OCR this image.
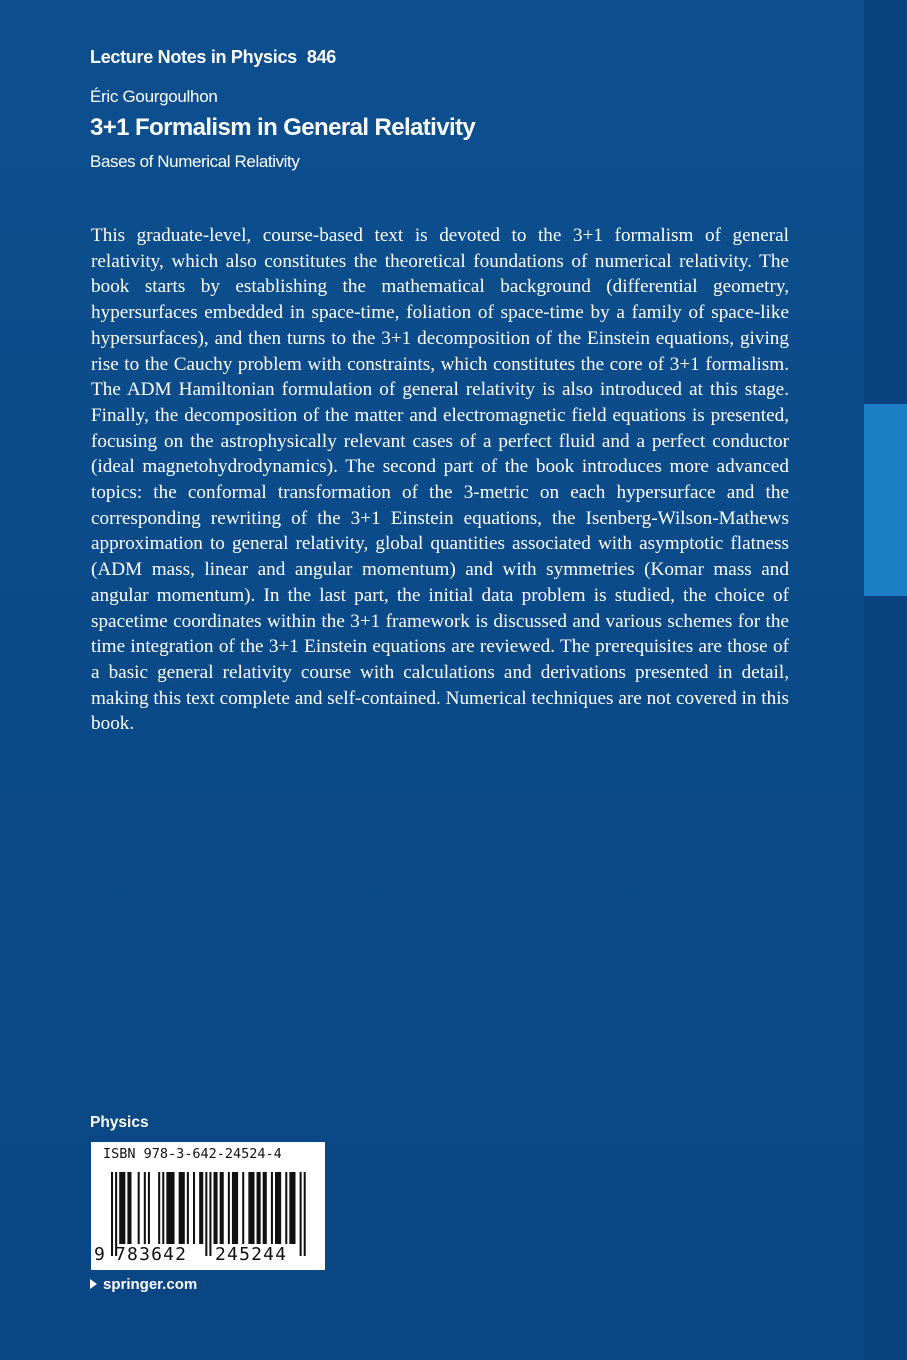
Lecture Notes in Physics 846
Éric Gourgoulhon
3+1 Formalism in General Relativity
Bases of Numerical Relativity

This graduate-level, course-based text is devoted to the 3+1 formalism of general relativity, which also constitutes the theoretical foundations of numerical relativity. The book starts by establishing the mathematical background (differential geometry, hypersurfaces embedded in space-time, foliation of space-time by a family of space-like hypersurfaces), and then turns to the 3+1 decomposition of the Einstein equations, giving rise to the Cauchy problem with constraints, which constitutes the core of 3+1 formalism. The ADM Hamiltonian formulation of general relativity is also introduced at this stage. Finally, the decomposition of the matter and electromagnetic field equations is presented, focusing on the astrophysically relevant cases of a perfect fluid and a perfect conductor (ideal magnetohydrodynamics). The second part of the book introduces more advanced topics: the conformal transformation of the 3-metric on each hypersurface and the corresponding rewriting of the 3+1 Einstein equations, the Isenberg-Wilson-Mathews approximation to general relativity, global quantities associated with asymptotic flatness (ADM mass, linear and angular momentum) and with symmetries (Komar mass and angular momentum). In the last part, the initial data problem is studied, the choice of spacetime coordinates within the 3+1 framework is discussed and various schemes for the time integration of the 3+1 Einstein equations are reviewed. The prerequisites are those of a basic general relativity course with calculations and derivations presented in detail, making this text complete and self-contained. Numerical techniques are not covered in this book.

Physics
ISBN 978-3-642-24524-4
9 783642 245244
springer.com
